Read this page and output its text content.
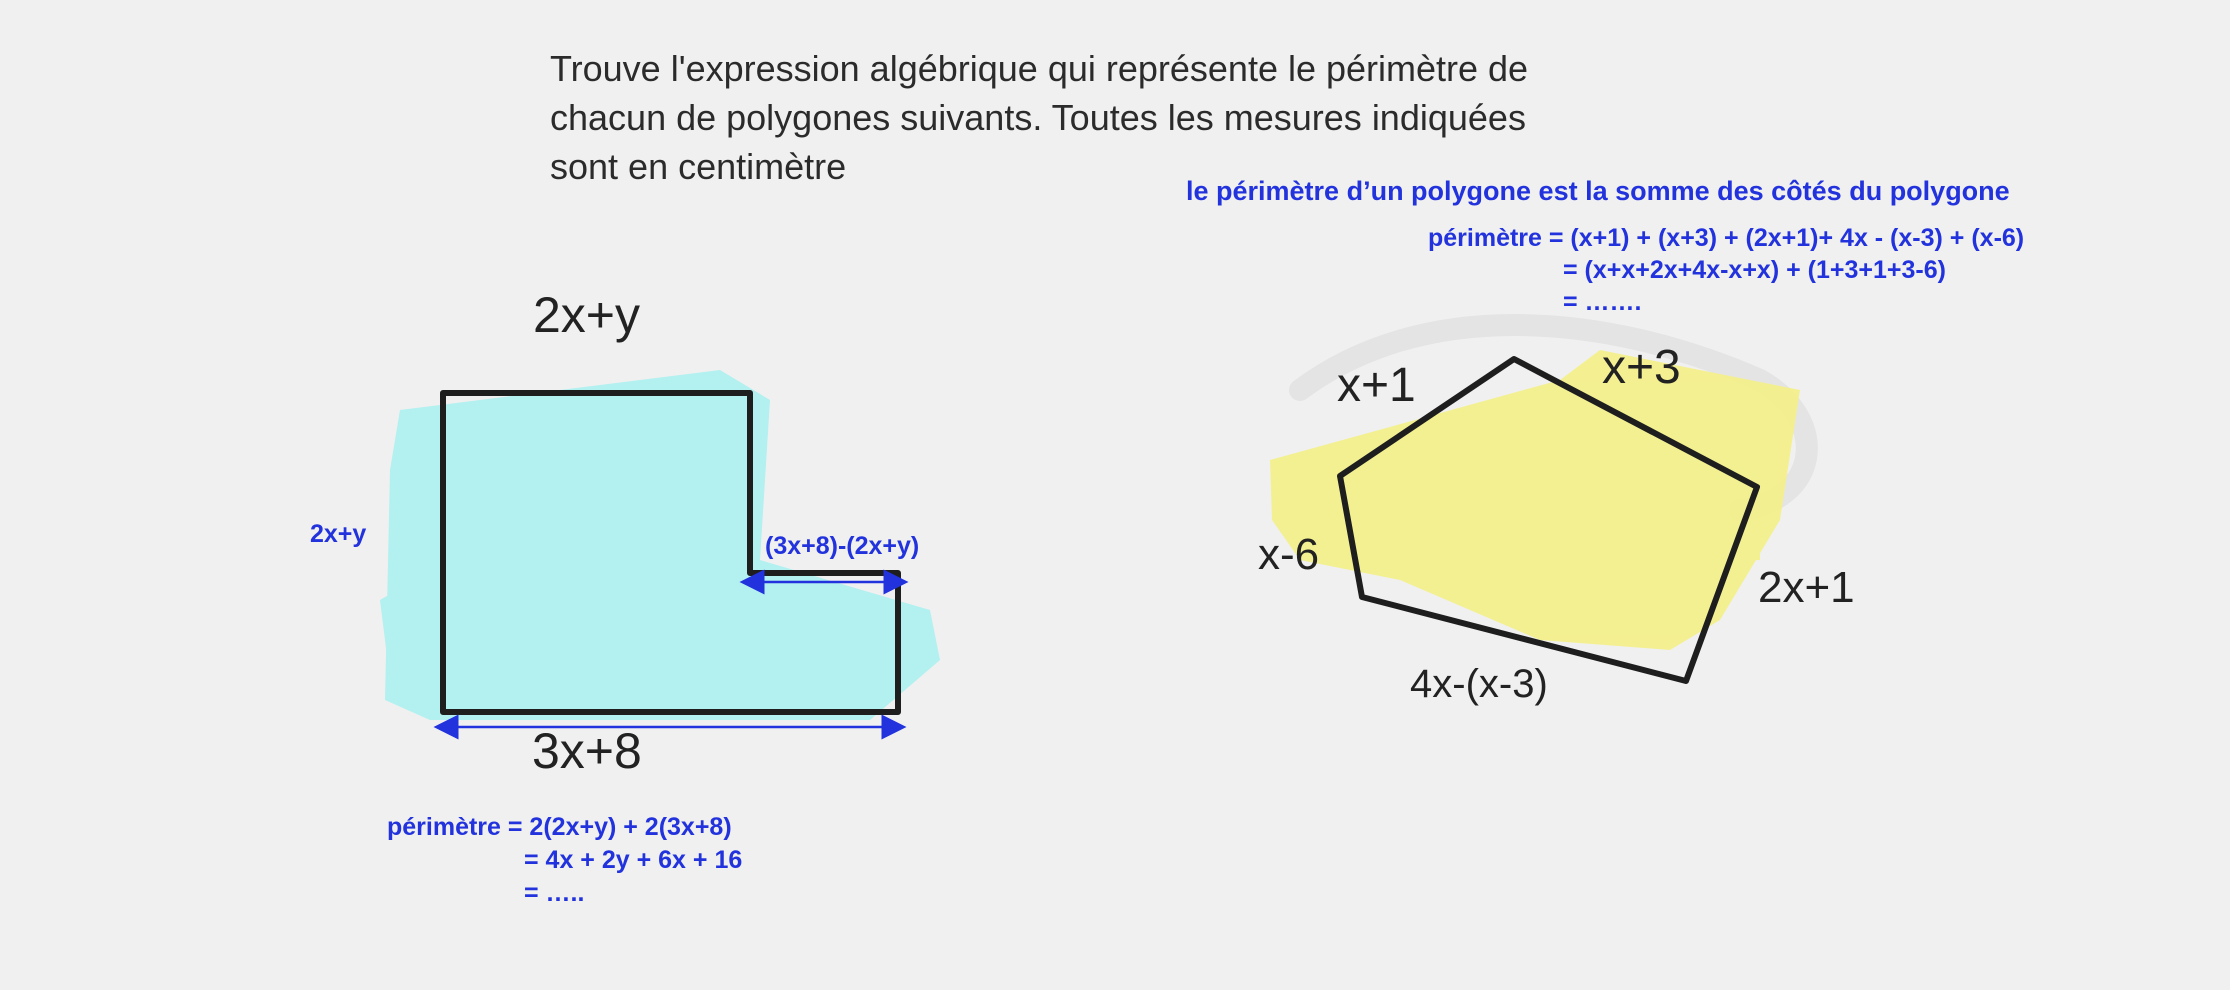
Trouve l'expression algébrique qui représente le périmètre de
chacun de polygones suivants. Toutes les mesures indiquées
sont en centimètre
le périmètre d’un polygone est la somme des côtés du polygone
2x+y
3x+8
2x+y	(3x+8)-(2x+y)
périmètre = 2(2x+y) + 2(3x+8)
= 4x + 2y + 6x + 16
= …..
périmètre = (x+1) + (x+3) + (2x+1)+ 4x - (x-3) + (x-6)
= (x+x+2x+4x-x+x) + (1+3+1+3-6)
= …….
x+1	x+3
2x+1
4x-(x-3)
x-6
